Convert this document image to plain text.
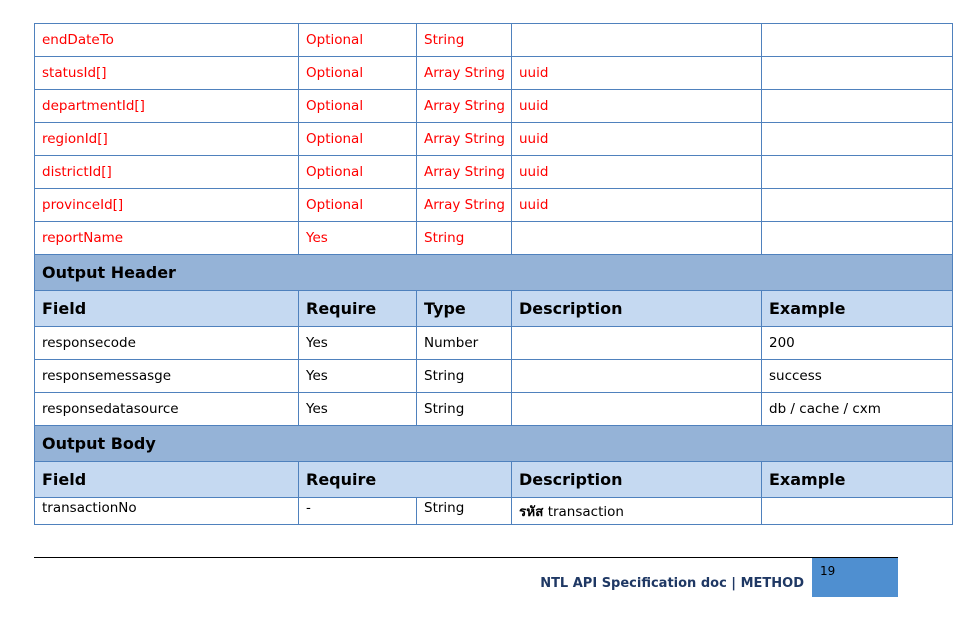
endDateTo	Optional	String		
statusId[]	Optional	Array String	uuid	
departmentId[]	Optional	Array String	uuid	
regionId[]	Optional	Array String	uuid	
districtId[]	Optional	Array String	uuid	
provinceId[]	Optional	Array String	uuid	
reportName	Yes	String		
Output Header				
Field	Require	Type	Description	Example
responsecode	Yes	Number		200
responsemessasge	Yes	String		success
responsedatasource	Yes	String		db / cache / cxm
Output Body				
Field	Require		Description	Example
transactionNo	-	String	รหัส transaction	
NTL API Specification doc | METHOD
19
